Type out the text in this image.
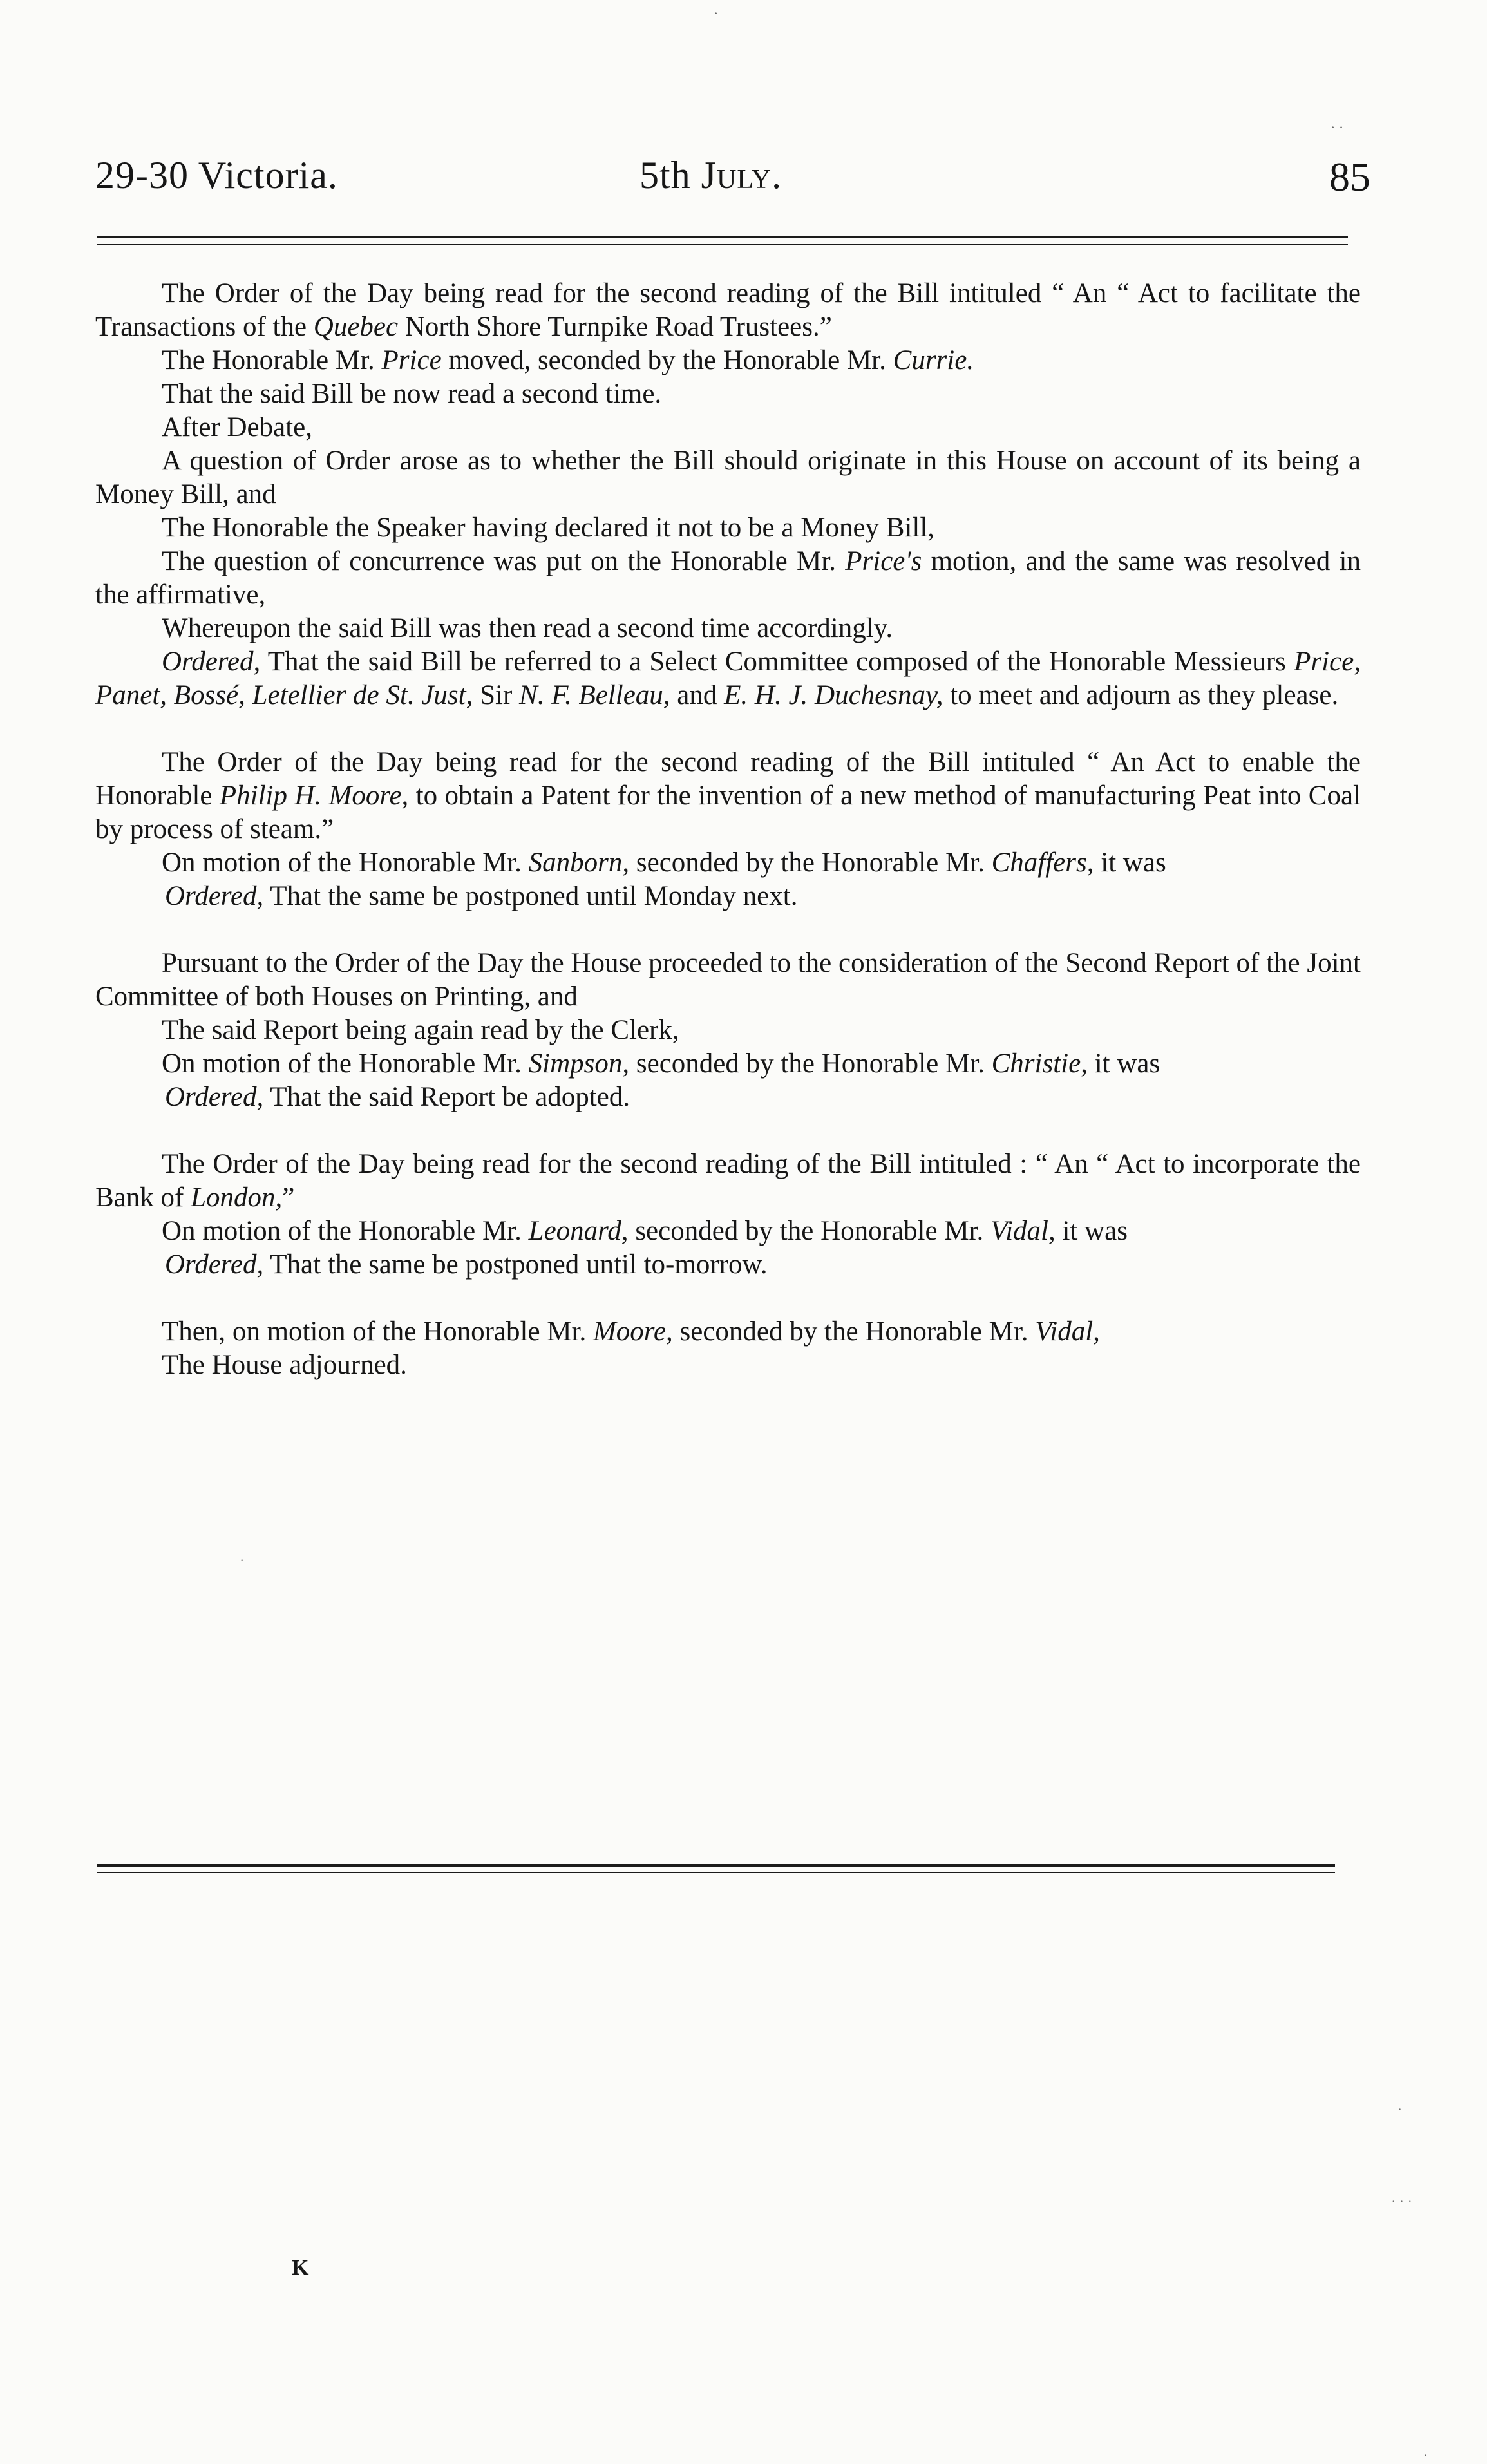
29-30 Victoria.	5th July.	85

The Order of the Day being read for the second reading of the Bill intituled “ An “ Act to facilitate the Transactions of the Quebec North Shore Turnpike Road Trustees.”

The Honorable Mr. Price moved, seconded by the Honorable Mr. Currie.

That the said Bill be now read a second time.

After Debate,

A question of Order arose as to whether the Bill should originate in this House on account of its being a Money Bill, and

The Honorable the Speaker having declared it not to be a Money Bill,

The question of concurrence was put on the Honorable Mr. Price's motion, and the same was resolved in the affirmative,

Whereupon the said Bill was then read a second time accordingly.

Ordered, That the said Bill be referred to a Select Committee composed of the Honorable Messieurs Price, Panet, Bossé, Letellier de St. Just, Sir N. F. Belleau, and E. H. J. Duchesnay, to meet and adjourn as they please.

The Order of the Day being read for the second reading of the Bill intituled “ An Act to enable the Honorable Philip H. Moore, to obtain a Patent for the invention of a new method of manufacturing Peat into Coal by process of steam.”

On motion of the Honorable Mr. Sanborn, seconded by the Honorable Mr. Chaffers, it was

Ordered, That the same be postponed until Monday next.

Pursuant to the Order of the Day the House proceeded to the consideration of the Second Report of the Joint Committee of both Houses on Printing, and

The said Report being again read by the Clerk,

On motion of the Honorable Mr. Simpson, seconded by the Honorable Mr. Christie, it was

Ordered, That the said Report be adopted.

The Order of the Day being read for the second reading of the Bill intituled : “ An “ Act to incorporate the Bank of London,”

On motion of the Honorable Mr. Leonard, seconded by the Honorable Mr. Vidal, it was

Ordered, That the same be postponed until to-morrow.

Then, on motion of the Honorable Mr. Moore, seconded by the Honorable Mr. Vidal,

The House adjourned.

K
·
· ·
·
·
· · ·
·
